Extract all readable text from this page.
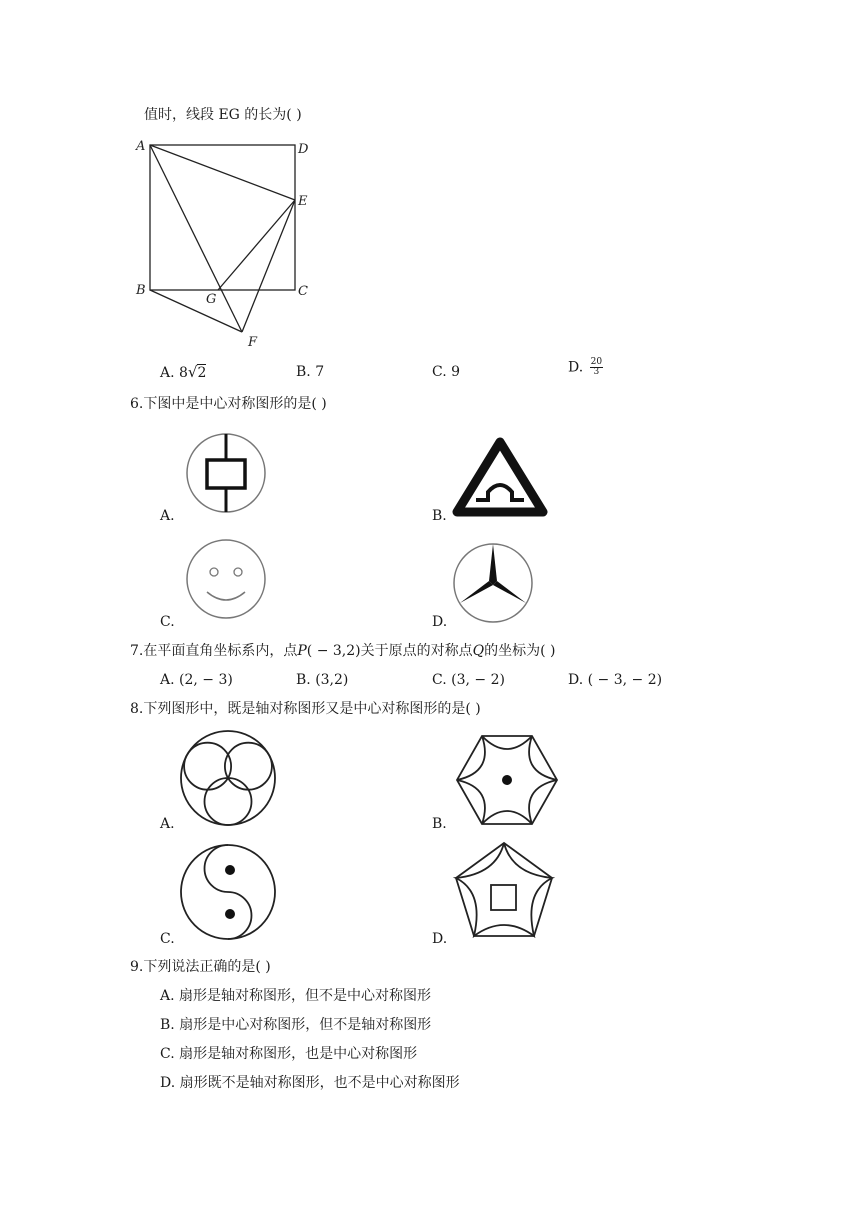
值时，线段 EG 的长为( )
A	D
E
B
G
C
F
A. 8√2	B. 7	C. 9	D. $\frac{20}{3}$
6.下图中是中心对称图形的是( )
A.	B.
C.	D.
7.在平面直角坐标系内，点P( − 3,2)关于原点的对称点Q的坐标为( )
A. (2, − 3)	B. (3,2)	C. (3, − 2)	D. ( − 3, − 2)
8.下列图形中，既是轴对称图形又是中心对称图形的是( )
A.	B.
C.	D.
9.下列说法正确的是( )
A. 扇形是轴对称图形，但不是中心对称图形
B. 扇形是中心对称图形，但不是轴对称图形
C. 扇形是轴对称图形，也是中心对称图形
D. 扇形既不是轴对称图形，也不是中心对称图形
